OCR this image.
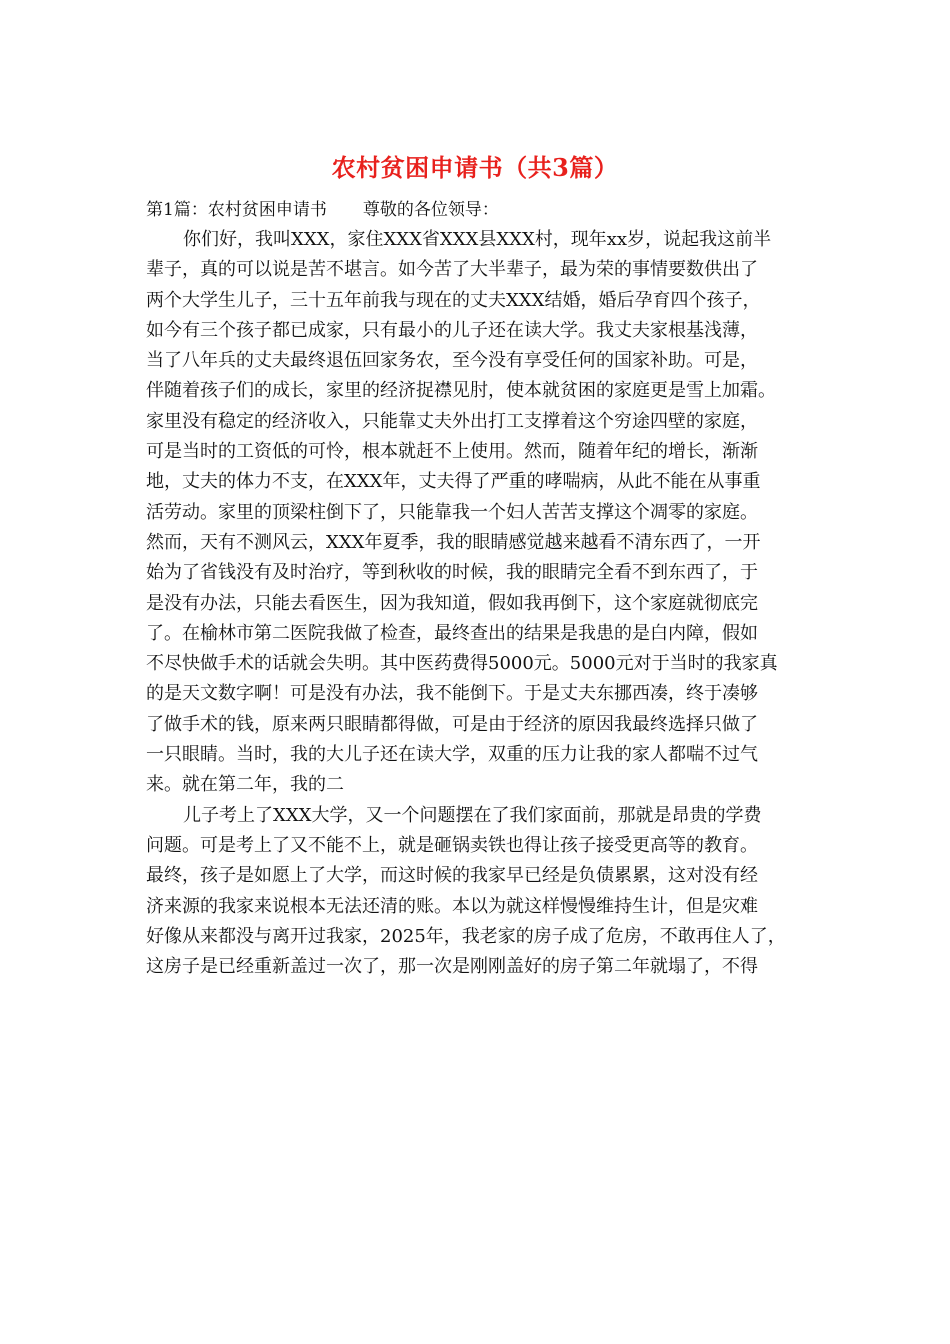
农村贫困申请书（共3篇）
第1篇：农村贫困申请书 尊敬的各位领导：
你们好，我叫XXX，家住XXX省XXX县XXX村，现年xx岁，说起我这前半
辈子，真的可以说是苦不堪言。如今苦了大半辈子，最为荣的事情要数供出了
两个大学生儿子，三十五年前我与现在的丈夫XXX结婚，婚后孕育四个孩子，
如今有三个孩子都已成家，只有最小的儿子还在读大学。我丈夫家根基浅薄，
当了八年兵的丈夫最终退伍回家务农，至今没有享受任何的国家补助。可是，
伴随着孩子们的成长，家里的经济捉襟见肘，使本就贫困的家庭更是雪上加霜。
家里没有稳定的经济收入，只能靠丈夫外出打工支撑着这个穷途四壁的家庭，
可是当时的工资低的可怜，根本就赶不上使用。然而，随着年纪的增长，渐渐
地，丈夫的体力不支，在XXX年，丈夫得了严重的哮喘病，从此不能在从事重
活劳动。家里的顶梁柱倒下了，只能靠我一个妇人苦苦支撑这个凋零的家庭。
然而，天有不测风云，XXX年夏季，我的眼睛感觉越来越看不清东西了，一开
始为了省钱没有及时治疗，等到秋收的时候，我的眼睛完全看不到东西了，于
是没有办法，只能去看医生，因为我知道，假如我再倒下，这个家庭就彻底完
了。在榆林市第二医院我做了检查，最终查出的结果是我患的是白内障，假如
不尽快做手术的话就会失明。其中医药费得5000元。5000元对于当时的我家真
的是天文数字啊！可是没有办法，我不能倒下。于是丈夫东挪西凑，终于凑够
了做手术的钱，原来两只眼睛都得做，可是由于经济的原因我最终选择只做了
一只眼睛。当时，我的大儿子还在读大学，双重的压力让我的家人都喘不过气
来。就在第二年，我的二
儿子考上了XXX大学，又一个问题摆在了我们家面前，那就是昂贵的学费
问题。可是考上了又不能不上，就是砸锅卖铁也得让孩子接受更高等的教育。
最终，孩子是如愿上了大学，而这时候的我家早已经是负债累累，这对没有经
济来源的我家来说根本无法还清的账。本以为就这样慢慢维持生计，但是灾难
好像从来都没与离开过我家，2025年，我老家的房子成了危房，不敢再住人了，
这房子是已经重新盖过一次了，那一次是刚刚盖好的房子第二年就塌了，不得
